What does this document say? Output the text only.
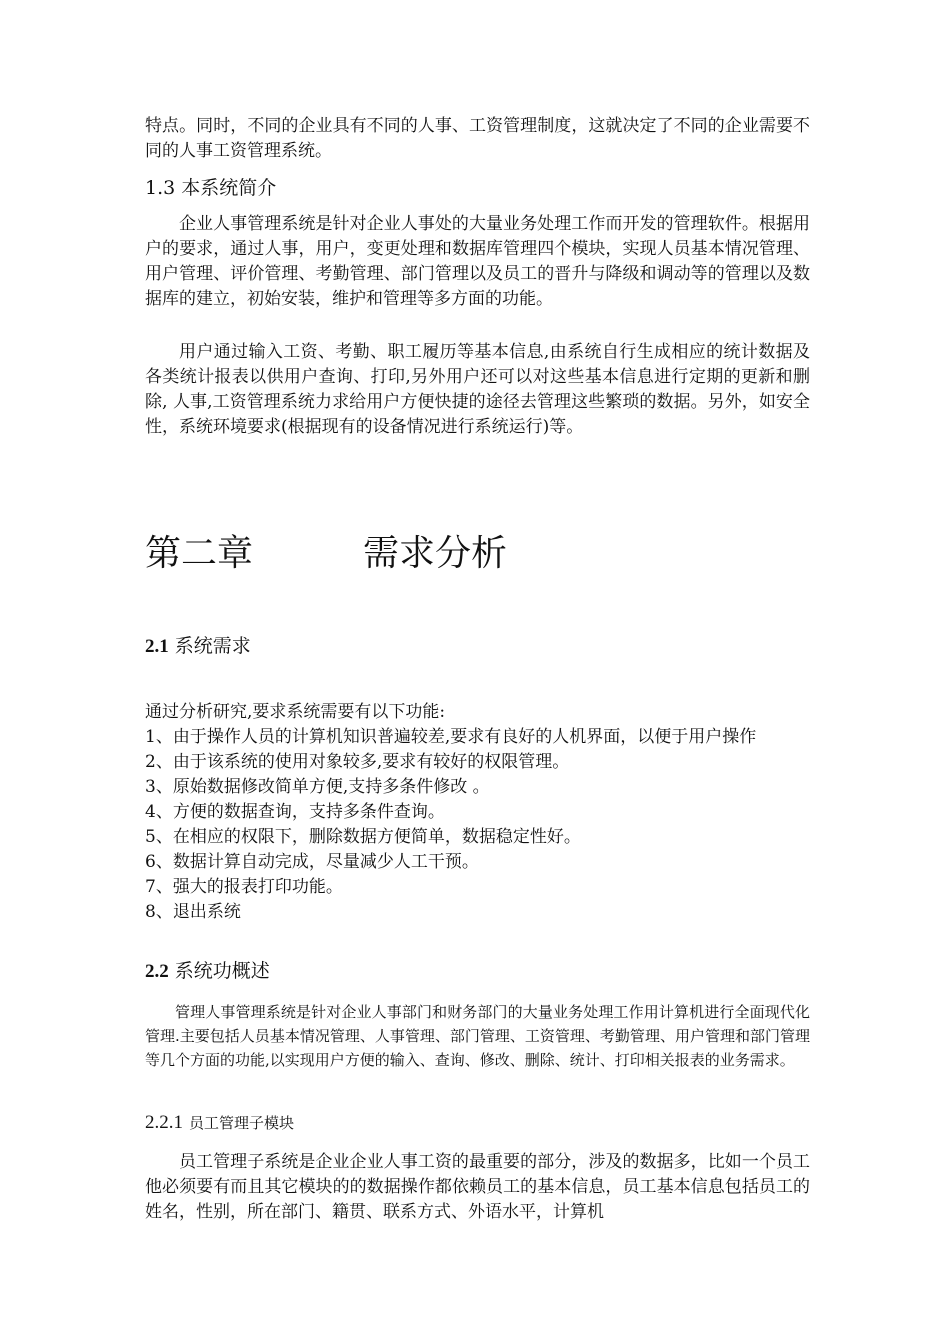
特点。同时，不同的企业具有不同的人事、工资管理制度，这就决定了不同的企业需要不同的人事工资管理系统。

1.3 本系统简介

企业人事管理系统是针对企业人事处的大量业务处理工作而开发的管理软件。根据用户的要求，通过人事，用户，变更处理和数据库管理四个模块，实现人员基本情况管理、用户管理、评价管理、考勤管理、部门管理以及员工的晋升与降级和调动等的管理以及数据库的建立，初始安装，维护和管理等多方面的功能。

用户通过输入工资、考勤、职工履历等基本信息,由系统自行生成相应的统计数据及各类统计报表以供用户查询、打印,另外用户还可以对这些基本信息进行定期的更新和删除, 人事,工资管理系统力求给用户方便快捷的途径去管理这些繁琐的数据。另外，如安全性，系统环境要求(根据现有的设备情况进行系统运行)等。

第二章	需求分析
2.1 系统需求

通过分析研究,要求系统需要有以下功能:

1、由于操作人员的计算机知识普遍较差,要求有良好的人机界面，以便于用户操作

2、由于该系统的使用对象较多,要求有较好的权限管理。

3、原始数据修改简单方便,支持多条件修改 。

4、方便的数据查询，支持多条件查询。

5、在相应的权限下，删除数据方便简单，数据稳定性好。

6、数据计算自动完成，尽量减少人工干预。

7、强大的报表打印功能。

8、退出系统

2.2 系统功概述

管理人事管理系统是针对企业人事部门和财务部门的大量业务处理工作用计算机进行全面现代化管理.主要包括人员基本情况管理、人事管理、部门管理、工资管理、考勤管理、用户管理和部门管理等几个方面的功能,以实现用户方便的输入、查询、修改、删除、统计、打印相关报表的业务需求。

2.2.1 员工管理子模块

员工管理子系统是企业企业人事工资的最重要的部分，涉及的数据多，比如一个员工他必须要有而且其它模块的的数据操作都依赖员工的基本信息，员工基本信息包括员工的姓名，性别，所在部门、籍贯、联系方式、外语水平，计算机
